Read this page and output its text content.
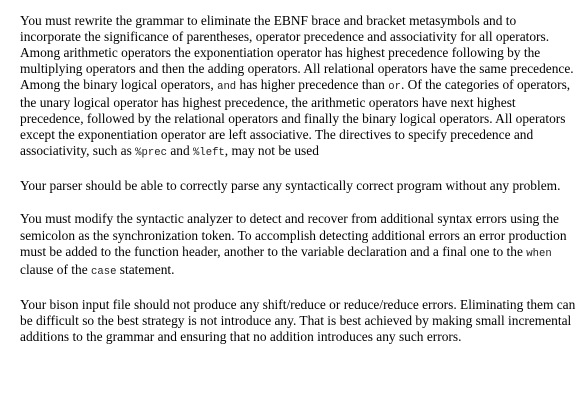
You must rewrite the grammar to eliminate the EBNF brace and bracket metasymbols and to incorporate the significance of parentheses, operator precedence and associativity for all operators. Among arithmetic operators the exponentiation operator has highest precedence following by the multiplying operators and then the adding operators. All relational operators have the same precedence. Among the binary logical operators, and has higher precedence than or. Of the categories of operators, the unary logical operator has highest precedence, the arithmetic operators have next highest precedence, followed by the relational operators and finally the binary logical operators. All operators except the exponentiation operator are left associative. The directives to specify precedence and associativity, such as %prec and %left, may not be used

Your parser should be able to correctly parse any syntactically correct program without any problem.

You must modify the syntactic analyzer to detect and recover from additional syntax errors using the semicolon as the synchronization token. To accomplish detecting additional errors an error production must be added to the function header, another to the variable declaration and a final one to the when clause of the case statement.

Your bison input file should not produce any shift/reduce or reduce/reduce errors. Eliminating them can be difficult so the best strategy is not introduce any. That is best achieved by making small incremental additions to the grammar and ensuring that no addition introduces any such errors.
